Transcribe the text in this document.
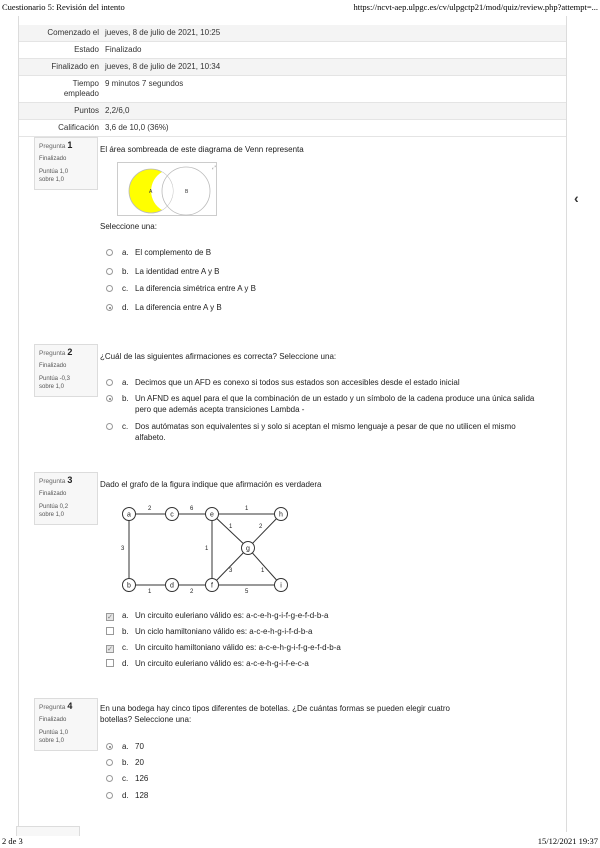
Cuestionario 5: Revisión del intento	https://ncvt-aep.ulpgc.es/cv/ulpgctp21/mod/quiz/review.php?attempt=...
Comenzado el jueves, 8 de julio de 2021, 10:25
Estado Finalizado
Finalizado en jueves, 8 de julio de 2021, 10:34
Tiempo
empleado
9 minutos 7 segundos
Puntos 2,2/6,0
Calificación 3,6 de 10,0 (36%)
Pregunta 1
Finalizado
Puntúa 1,0
sobre 1,0
El área sombreada de este diagrama de Venn representa
A	B
⤢
Seleccione una:
a. El complemento de B
b. La identidad entre A y B
c. La diferencia simétrica entre A y B
d. La diferencia entre A y B
‹
Pregunta 2
Finalizado
Puntúa -0,3
sobre 1,0
¿Cuál de las siguientes afirmaciones es correcta? Seleccione una:
a. Decimos que un AFD es conexo si todos sus estados son accesibles desde el estado inicial
b. Un AFND es aquel para el que la combinación de un estado y un símbolo de la cadena produce una única salida pero que además acepta transiciones Lambda -
c. Dos autómatas son equivalentes si y solo si aceptan el mismo lenguaje a pesar de que no utilicen el mismo alfabeto.
Pregunta 3
Finalizado
Puntúa 0,2
sobre 1,0
Dado el grafo de la figura indique que afirmación es verdadera
2	6	1
1	2
3	1
1	2
3	1
5
a	c	e	h
g
b	d	f	i
✓	a. Un circuito euleriano válido es: a-c-e-h-g-i-f-g-e-f-d-b-a
b. Un ciclo hamiltoniano válido es: a-c-e-h-g-i-f-d-b-a
✓	c. Un circuito hamiltoniano válido es: a-c-e-h-g-i-f-g-e-f-d-b-a
d. Un circuito euleriano válido es: a-c-e-h-g-i-f-e-c-a
Pregunta 4
Finalizado
Puntúa 1,0
sobre 1,0
En una bodega hay cinco tipos diferentes de botellas. ¿De cuántas formas se pueden elegir cuatro botellas? Seleccione una:
a. 70
b. 20
c. 126
d. 128
2 de 3	15/12/2021 19:37
